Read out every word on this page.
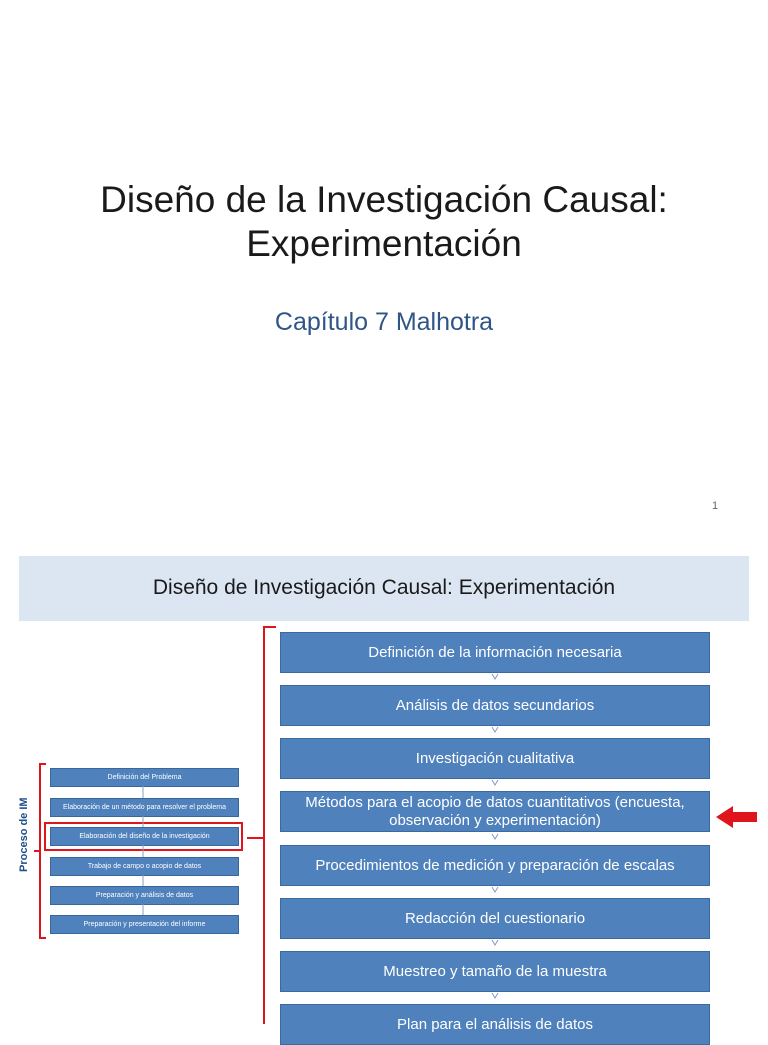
Diseño de la Investigación Causal:
Experimentación
Capítulo 7 Malhotra
1
Diseño de Investigación Causal: Experimentación
Proceso de IM
Definición del Problema
Elaboración de un método para resolver el problema
Elaboración del diseño de la investigación
Trabajo de campo o acopio de datos
Preparación y análisis de datos
Preparación y presentación del informe
Definición de la información necesaria
Análisis de datos secundarios
Investigación cualitativa
Métodos para el acopio de datos cuantitativos (encuesta, observación y experimentación)
Procedimientos de medición y preparación de escalas
Redacción del cuestionario
Muestreo y tamaño de la muestra
Plan para el análisis de datos
